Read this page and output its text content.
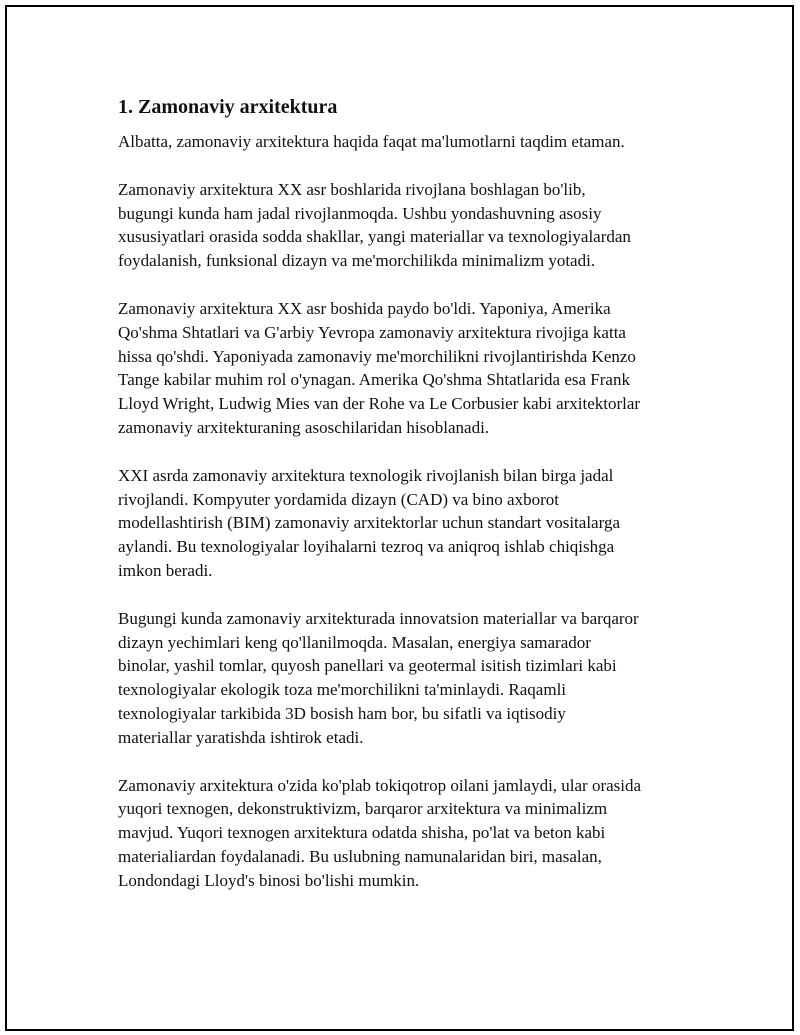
1. Zamonaviy arxitektura
Albatta, zamonaviy arxitektura haqida faqat ma'lumotlarni taqdim etaman.
Zamonaviy arxitektura XX asr boshlarida rivojlana boshlagan bo'lib,
bugungi kunda ham jadal rivojlanmoqda. Ushbu yondashuvning asosiy
xususiyatlari orasida sodda shakllar, yangi materiallar va texnologiyalardan
foydalanish, funksional dizayn va me'morchilikda minimalizm yotadi.
Zamonaviy arxitektura XX asr boshida paydo bo'ldi. Yaponiya, Amerika
Qo'shma Shtatlari va G'arbiy Yevropa zamonaviy arxitektura rivojiga katta
hissa qo'shdi. Yaponiyada zamonaviy me'morchilikni rivojlantirishda Kenzo
Tange kabilar muhim rol o'ynagan. Amerika Qo'shma Shtatlarida esa Frank
Lloyd Wright, Ludwig Mies van der Rohe va Le Corbusier kabi arxitektorlar
zamonaviy arxitekturaning asoschilaridan hisoblanadi.
XXI asrda zamonaviy arxitektura texnologik rivojlanish bilan birga jadal
rivojlandi. Kompyuter yordamida dizayn (CAD) va bino axborot
modellashtirish (BIM) zamonaviy arxitektorlar uchun standart vositalarga
aylandi. Bu texnologiyalar loyihalarni tezroq va aniqroq ishlab chiqishga
imkon beradi.
Bugungi kunda zamonaviy arxitekturada innovatsion materiallar va barqaror
dizayn yechimlari keng qo'llanilmoqda. Masalan, energiya samarador
binolar, yashil tomlar, quyosh panellari va geotermal isitish tizimlari kabi
texnologiyalar ekologik toza me'morchilikni ta'minlaydi. Raqamli
texnologiyalar tarkibida 3D bosish ham bor, bu sifatli va iqtisodiy
materiallar yaratishda ishtirok etadi.
Zamonaviy arxitektura o'zida ko'plab tokiqotrop oilani jamlaydi, ular orasida
yuqori texnogen, dekonstruktivizm, barqaror arxitektura va minimalizm
mavjud. Yuqori texnogen arxitektura odatda shisha, po'lat va beton kabi
materialiardan foydalanadi. Bu uslubning namunalaridan biri, masalan,
Londondagi Lloyd's binosi bo'lishi mumkin.
